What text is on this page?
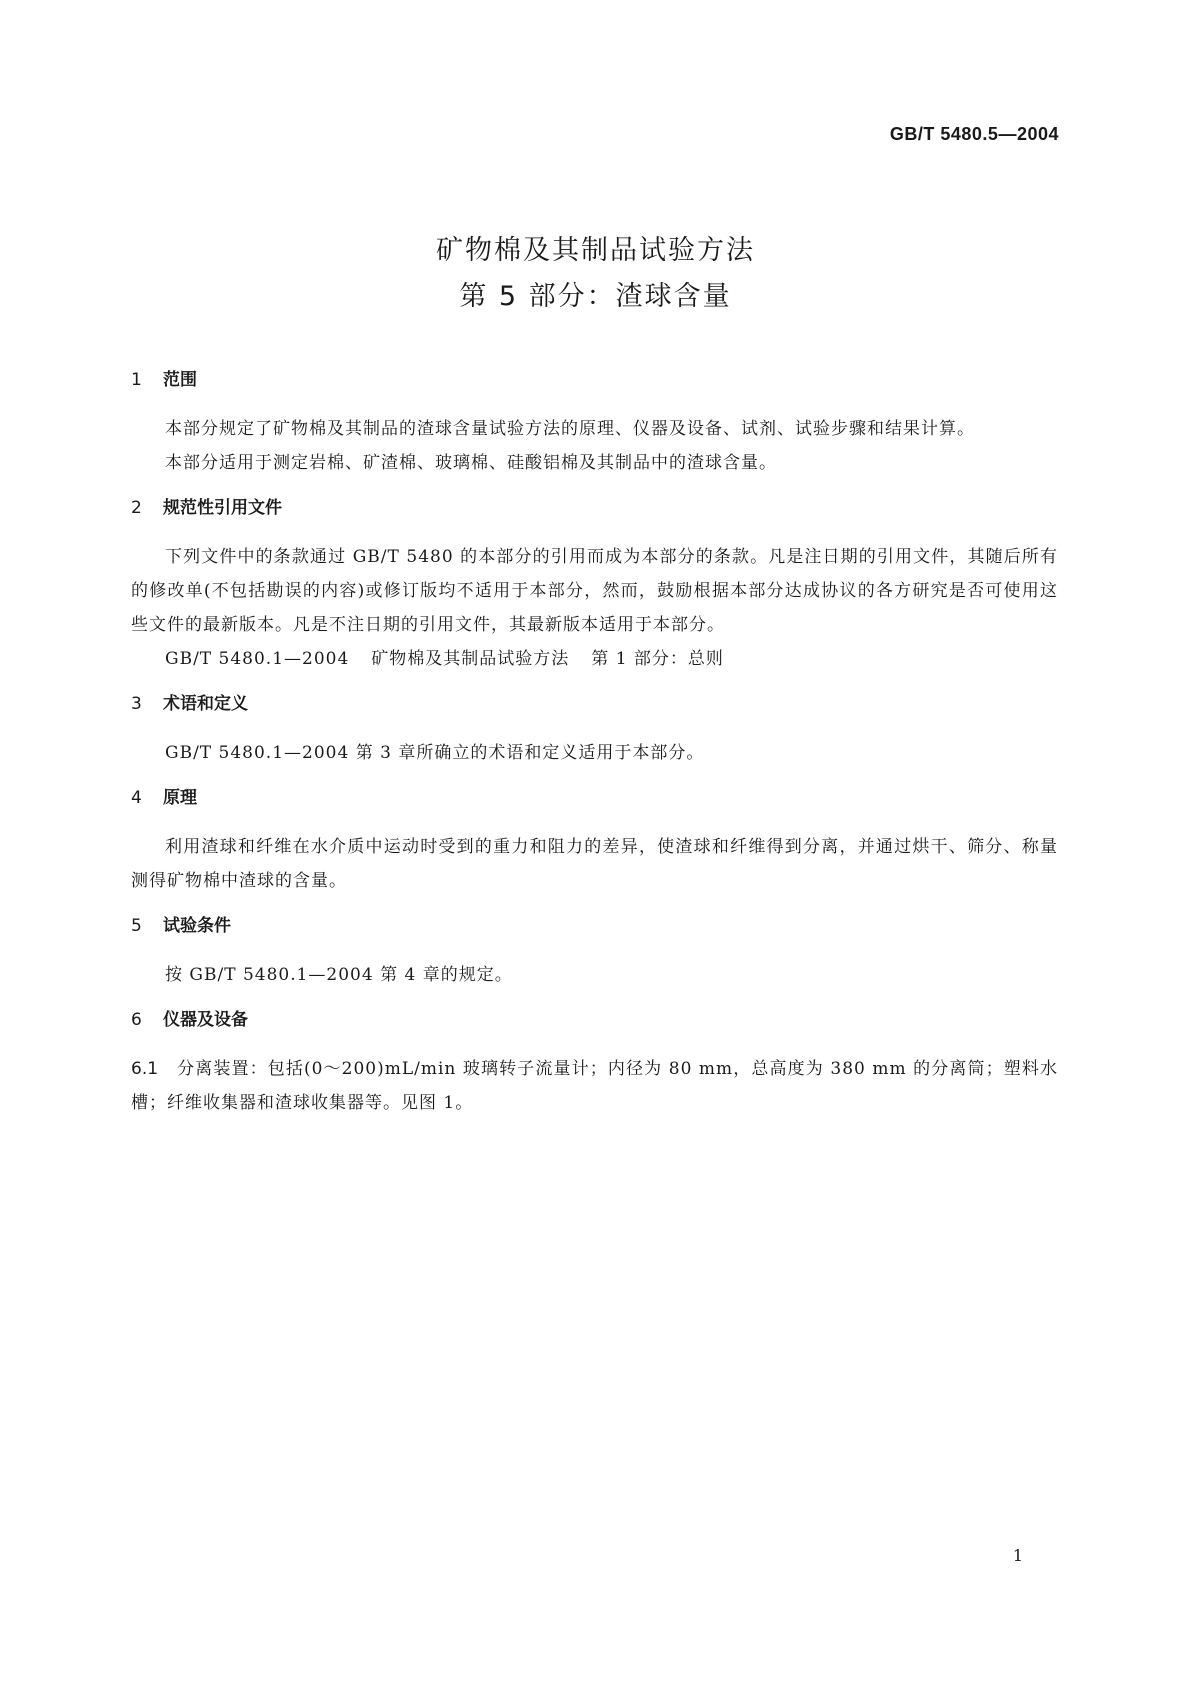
GB/T 5480.5—2004
矿物棉及其制品试验方法
第 5 部分：渣球含量
1 范围

本部分规定了矿物棉及其制品的渣球含量试验方法的原理、仪器及设备、试剂、试验步骤和结果计算。

本部分适用于测定岩棉、矿渣棉、玻璃棉、硅酸铝棉及其制品中的渣球含量。

2 规范性引用文件

下列文件中的条款通过 GB/T 5480 的本部分的引用而成为本部分的条款。凡是注日期的引用文件，其随后所有的修改单(不包括勘误的内容)或修订版均不适用于本部分，然而，鼓励根据本部分达成协议的各方研究是否可使用这些文件的最新版本。凡是不注日期的引用文件，其最新版本适用于本部分。

GB/T 5480.1—2004 矿物棉及其制品试验方法 第 1 部分：总则

3 术语和定义

GB/T 5480.1—2004 第 3 章所确立的术语和定义适用于本部分。

4 原理

利用渣球和纤维在水介质中运动时受到的重力和阻力的差异，使渣球和纤维得到分离，并通过烘干、筛分、称量测得矿物棉中渣球的含量。

5 试验条件

按 GB/T 5480.1—2004 第 4 章的规定。

6 仪器及设备

6.1 分离装置：包括(0～200)mL/min 玻璃转子流量计；内径为 80 mm，总高度为 380 mm 的分离筒；塑料水槽；纤维收集器和渣球收集器等。见图 1。

1
